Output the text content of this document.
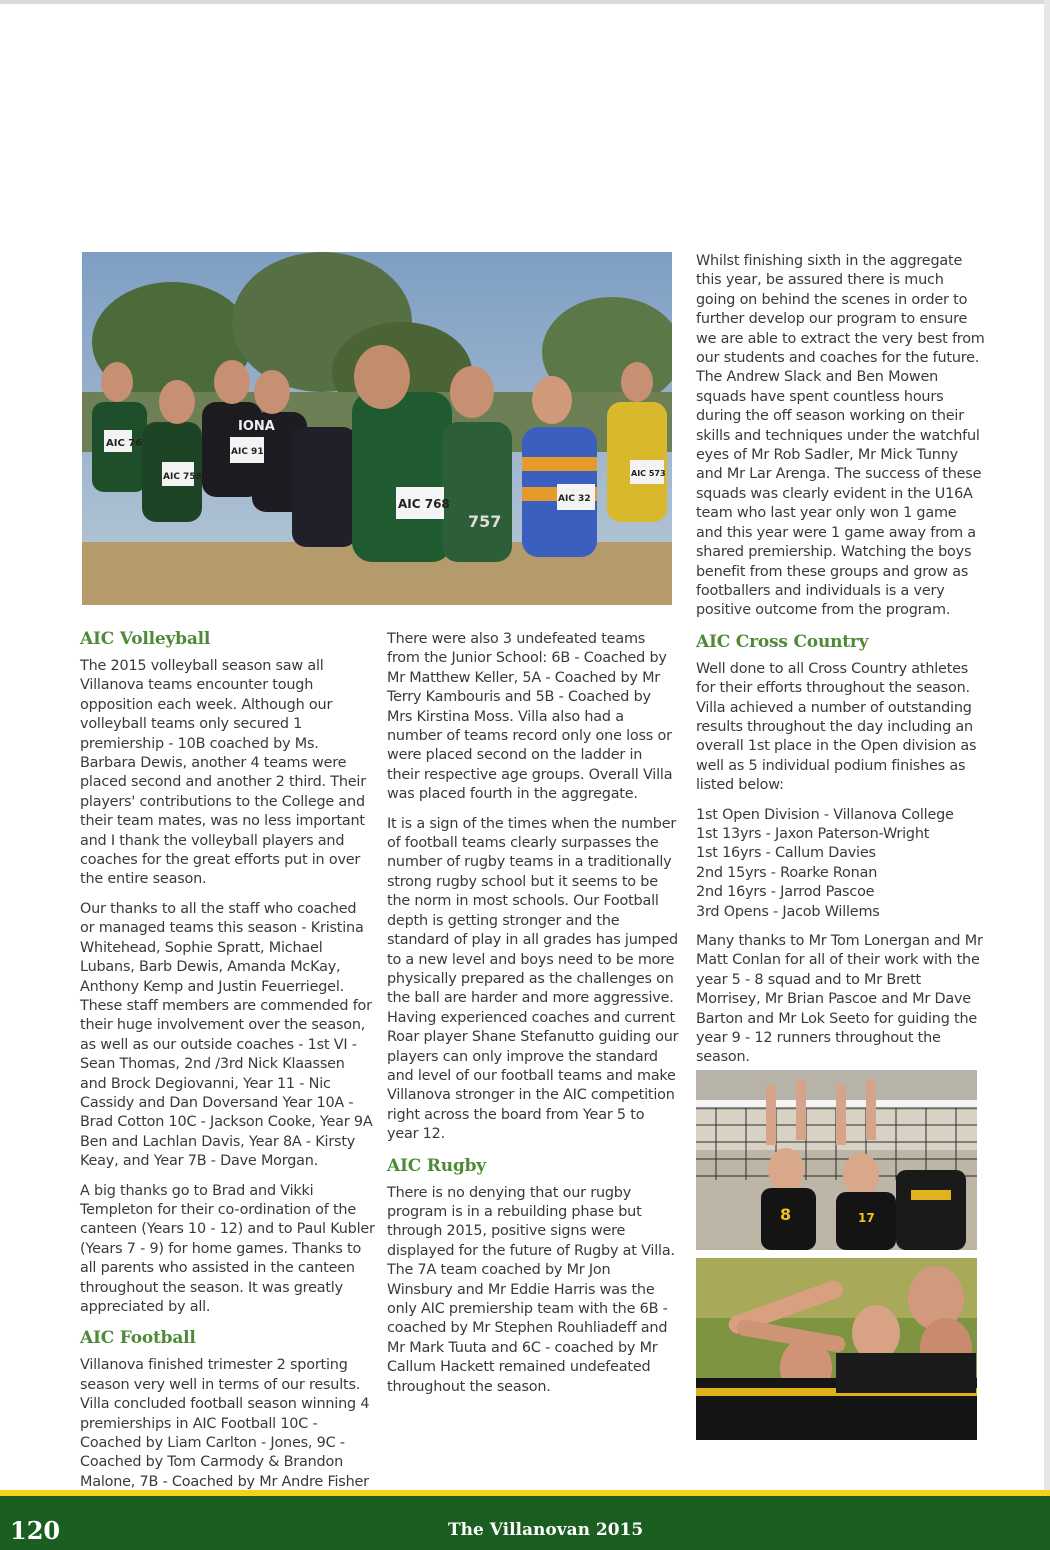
AIC 76
AIC 758
AIC 91
IONA
AIC 768
757
AIC 32
AIC 573
AIC Volleyball

The 2015 volleyball season saw all Villanova teams encounter tough opposition each week. Although our volleyball teams only secured 1 premiership - 10B coached by Ms. Barbara Dewis, another 4 teams were placed second and another 2 third. Their players' contributions to the College and their team mates, was no less important and I thank the volleyball players and coaches for the great efforts put in over the entire season.

Our thanks to all the staff who coached or managed teams this season - Kristina Whitehead, Sophie Spratt, Michael Lubans, Barb Dewis, Amanda McKay, Anthony Kemp and Justin Feuerriegel. These staff members are commended for their huge involvement over the season, as well as our outside coaches - 1st VI - Sean Thomas, 2nd /3rd Nick Klaassen and Brock Degiovanni, Year 11 - Nic Cassidy and Dan Doversand Year 10A - Brad Cotton 10C - Jackson Cooke, Year 9A Ben and Lachlan Davis, Year 8A - Kirsty Keay, and Year 7B - Dave Morgan.

A big thanks go to Brad and Vikki Templeton for their co-ordination of the canteen (Years 10 - 12) and to Paul Kubler (Years 7 - 9) for home games. Thanks to all parents who assisted in the canteen throughout the season. It was greatly appreciated by all.

AIC Football

Villanova finished trimester 2 sporting season very well in terms of our results. Villa concluded football season winning 4 premierships in AIC Football 10C - Coached by Liam Carlton - Jones, 9C - Coached by Tom Carmody & Brandon Malone, 7B - Coached by Mr Andre Fisher

There were also 3 undefeated teams from the Junior School: 6B - Coached by Mr Matthew Keller, 5A - Coached by Mr Terry Kambouris and 5B - Coached by Mrs Kirstina Moss. Villa also had a number of teams record only one loss or were placed second on the ladder in their respective age groups. Overall Villa was placed fourth in the aggregate.

It is a sign of the times when the number of football teams clearly surpasses the number of rugby teams in a traditionally strong rugby school but it seems to be the norm in most schools. Our Football depth is getting stronger and the standard of play in all grades has jumped to a new level and boys need to be more physically prepared as the challenges on the ball are harder and more aggressive. Having experienced coaches and current Roar player Shane Stefanutto guiding our players can only improve the standard and level of our football teams and make Villanova stronger in the AIC competition right across the board from Year 5 to year 12.

AIC Rugby

There is no denying that our rugby program is in a rebuilding phase but through 2015, positive signs were displayed for the future of Rugby at Villa. The 7A team coached by Mr Jon Winsbury and Mr Eddie Harris was the only AIC premiership team with the 6B - coached by Mr Stephen Rouhliadeff and Mr Mark Tuuta and 6C - coached by Mr Callum Hackett remained undefeated throughout the season.

Whilst finishing sixth in the aggregate this year, be assured there is much going on behind the scenes in order to further develop our program to ensure we are able to extract the very best from our students and coaches for the future. The Andrew Slack and Ben Mowen squads have spent countless hours during the off season working on their skills and techniques under the watchful eyes of Mr Rob Sadler, Mr Mick Tunny and Mr Lar Arenga. The success of these squads was clearly evident in the U16A team who last year only won 1 game and this year were 1 game away from a shared premiership. Watching the boys benefit from these groups and grow as footballers and individuals is a very positive outcome from the program.

AIC Cross Country

Well done to all Cross Country athletes for their efforts throughout the season. Villa achieved a number of outstanding results throughout the day including an overall 1st place in the Open division as well as 5 individual podium finishes as listed below:

1st Open Division - Villanova College
1st 13yrs - Jaxon Paterson-Wright
1st 16yrs - Callum Davies
2nd 15yrs - Roarke Ronan
2nd 16yrs - Jarrod Pascoe
3rd Opens - Jacob Willems

Many thanks to Mr Tom Lonergan and Mr Matt Conlan for all of their work with the year 5 - 8 squad and to Mr Brett Morrisey, Mr Brian Pascoe and Mr Dave Barton and Mr Lok Seeto for guiding the year 9 - 12 runners throughout the season.

8	17
120	The Villanovan 2015
